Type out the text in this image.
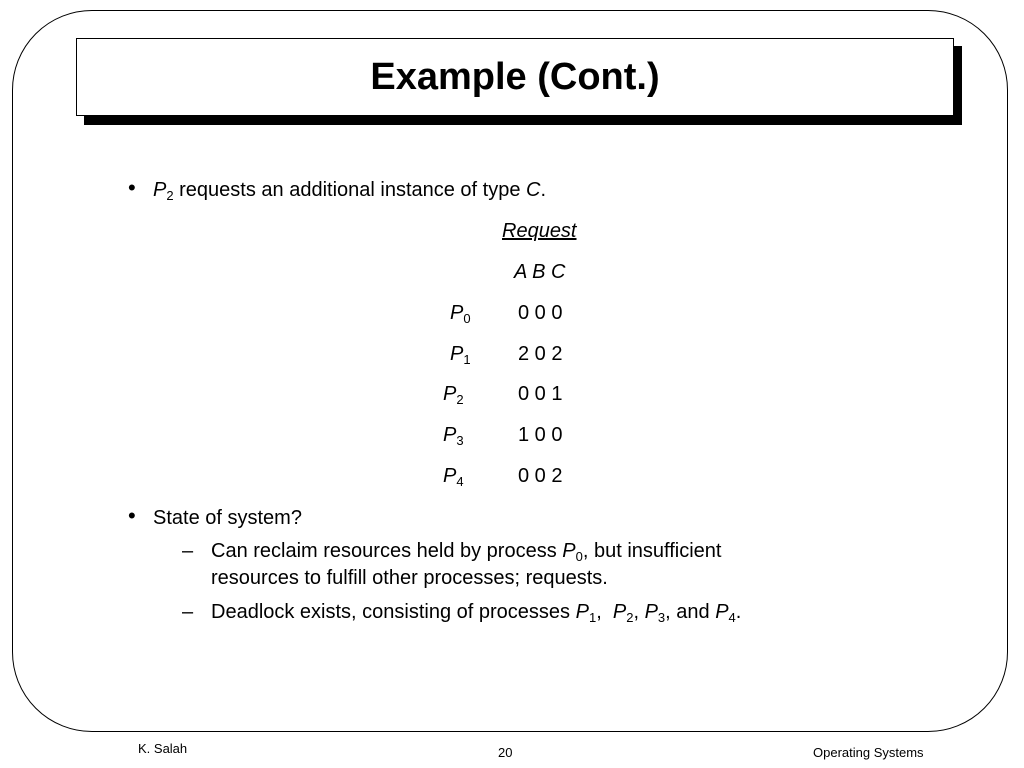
Example (Cont.)
• $P_2$ requests an additional instance of type C.
Request
A B C
$P_0$ 0 0 0
$P_1$ 2 0 2
$P_2$	0 0 1
$P_3$	1 0 0
$P_4$	0 0 2
• State of system?
– Can reclaim resources held by process $P_0$, but insufficient
resources to fulfill other processes; requests.
– Deadlock exists, consisting of processes $P_1$,  $P_2$, $P_3$, and $P_4$.
K. Salah	20	Operating Systems
